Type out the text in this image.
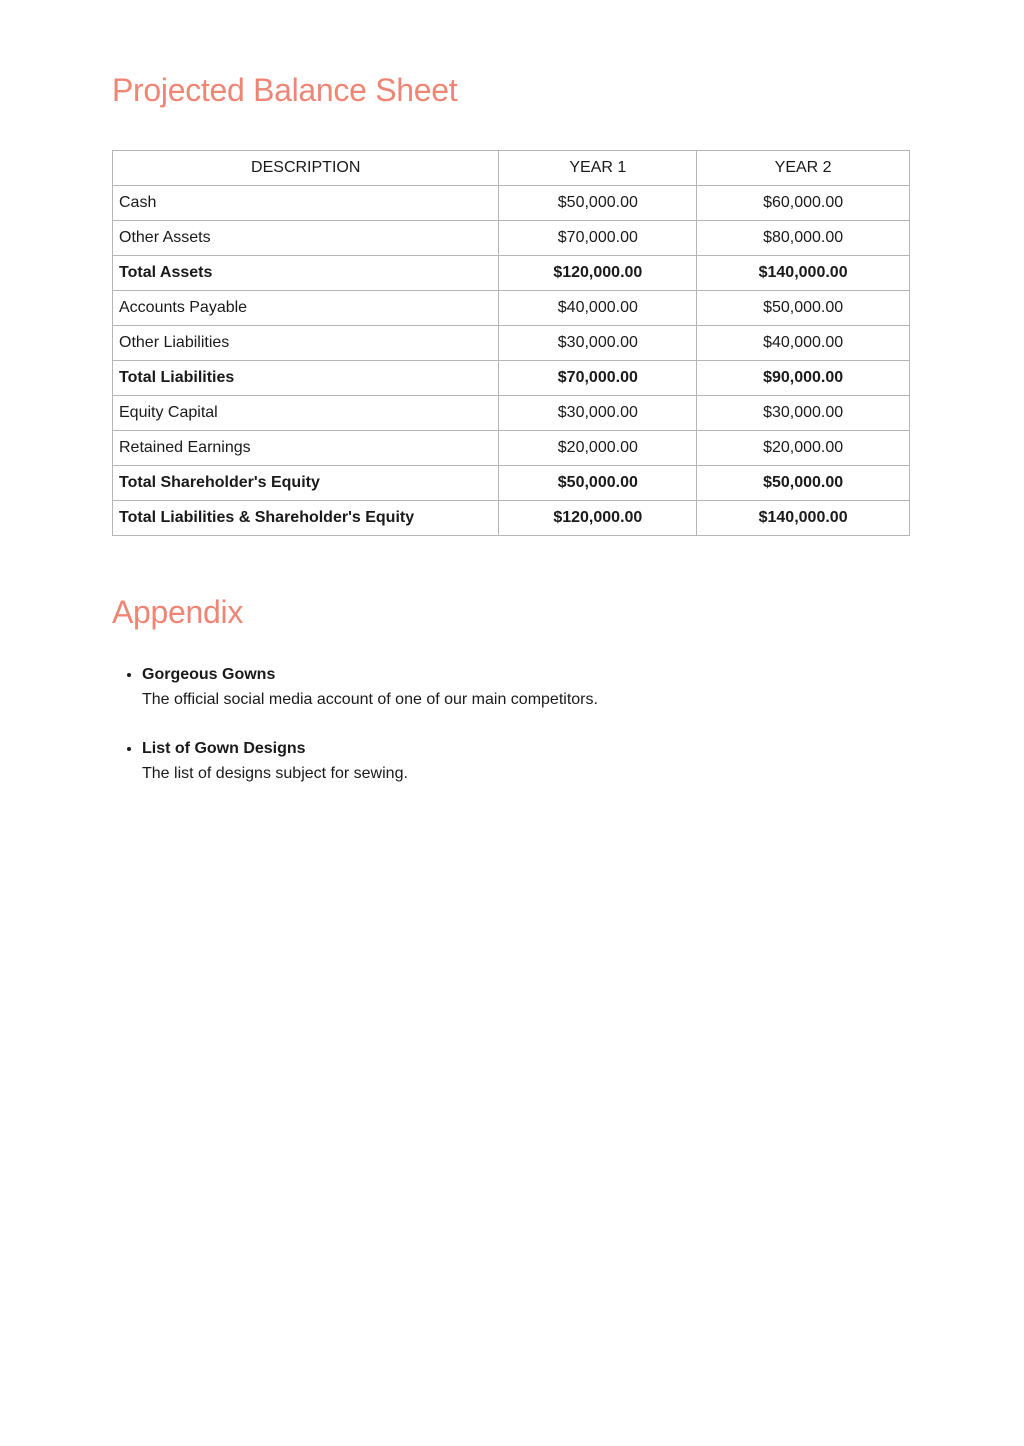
Projected Balance Sheet
DESCRIPTION	YEAR 1	YEAR 2
Cash	$50,000.00	$60,000.00
Other Assets	$70,000.00	$80,000.00
Total Assets	$120,000.00	$140,000.00
Accounts Payable	$40,000.00	$50,000.00
Other Liabilities	$30,000.00	$40,000.00
Total Liabilities	$70,000.00	$90,000.00
Equity Capital	$30,000.00	$30,000.00
Retained Earnings	$20,000.00	$20,000.00
Total Shareholder's Equity	$50,000.00	$50,000.00
Total Liabilities & Shareholder's Equity	$120,000.00	$140,000.00
Appendix
• Gorgeous Gowns
The official social media account of one of our main competitors.
• List of Gown Designs
The list of designs subject for sewing.
